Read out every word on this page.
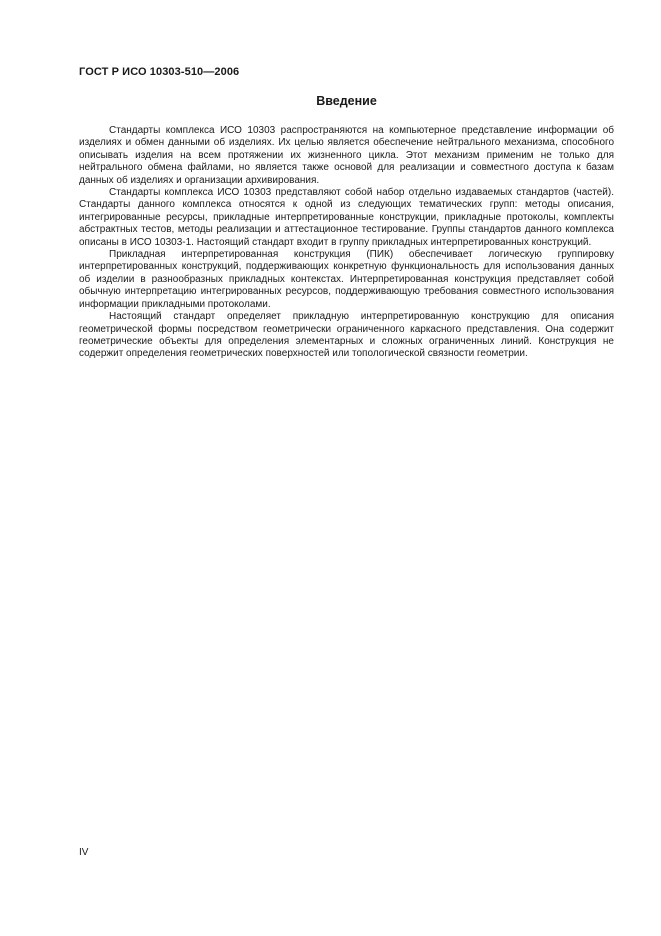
ГОСТ Р ИСО 10303-510—2006
Введение

Стандарты комплекса ИСО 10303 распространяются на компьютерное представление информации об изделиях и обмен данными об изделиях. Их целью является обеспечение нейтрального механизма, способного описывать изделия на всем протяжении их жизненного цикла. Этот механизм применим не только для нейтрального обмена файлами, но является также основой для реализации и совместного доступа к базам данных об изделиях и организации архивирования.

Стандарты комплекса ИСО 10303 представляют собой набор отдельно издаваемых стандартов (частей). Стандарты данного комплекса относятся к одной из следующих тематических групп: методы описания, интегрированные ресурсы, прикладные интерпретированные конструкции, прикладные протоколы, комплекты абстрактных тестов, методы реализации и аттестационное тестирование. Группы стандартов данного комплекса описаны в ИСО 10303-1. Настоящий стандарт входит в группу прикладных интерпретированных конструкций.

Прикладная интерпретированная конструкция (ПИК) обеспечивает логическую группировку интерпретированных конструкций, поддерживающих конкретную функциональность для использования данных об изделии в разнообразных прикладных контекстах. Интерпретированная конструкция представляет собой обычную интерпретацию интегрированных ресурсов, поддерживающую требования совместного использования информации прикладными протоколами.

Настоящий стандарт определяет прикладную интерпретированную конструкцию для описания геометрической формы посредством геометрически ограниченного каркасного представления. Она содержит геометрические объекты для определения элементарных и сложных ограниченных линий. Конструкция не содержит определения геометрических поверхностей или топологической связности геометрии.

IV
